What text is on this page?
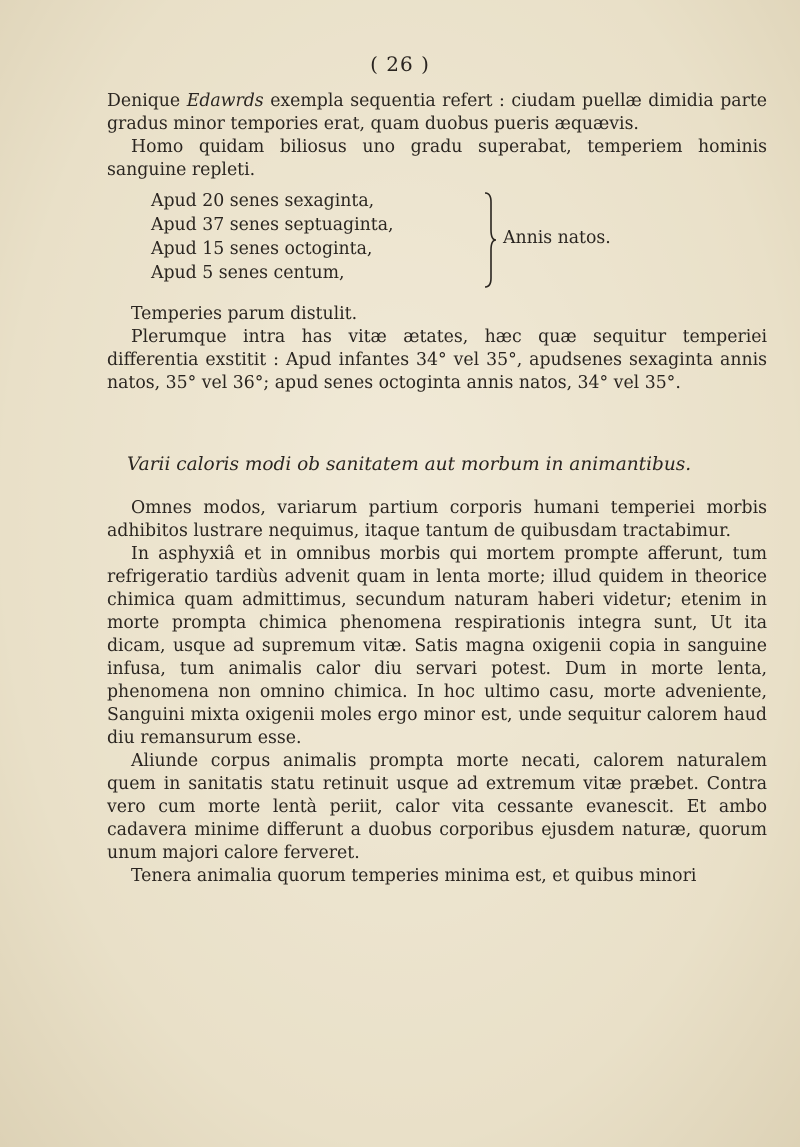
( 26 )

Denique Edawrds exempla sequentia refert : ciudam puellæ dimidia parte gradus minor tempories erat, quam duobus pueris æquævis.

Homo quidam biliosus uno gradu superabat, temperiem hominis sanguine repleti.

Apud 20 senes sexaginta,
Apud 37 senes septuaginta,
Apud 15 senes octoginta,
Apud 5 senes centum,
Annis natos.

Temperies parum distulit.

Plerumque intra has vitæ ætates, hæc quæ sequitur temperiei differentia exstitit : Apud infantes 34° vel 35°, apudsenes sexaginta annis natos, 35° vel 36°; apud senes octoginta annis natos, 34° vel 35°.

Varii caloris modi ob sanitatem aut morbum in animantibus.

Omnes modos, variarum partium corporis humani temperiei morbis adhibitos lustrare nequimus, itaque tantum de quibusdam tractabimur.

In asphyxiâ et in omnibus morbis qui mortem prompte afferunt, tum refrigeratio tardiùs advenit quam in lenta morte; illud quidem in theorice chimica quam admittimus, secundum naturam haberi videtur; etenim in morte prompta chimica phenomena respirationis integra sunt, Ut ita dicam, usque ad supremum vitæ. Satis magna oxigenii copia in sanguine infusa, tum animalis calor diu servari potest. Dum in morte lenta, phenomena non omnino chimica. In hoc ultimo casu, morte adveniente, Sanguini mixta oxigenii moles ergo minor est, unde sequitur calorem haud diu remansurum esse.

Aliunde corpus animalis prompta morte necati, calorem naturalem quem in sanitatis statu retinuit usque ad extremum vitæ præbet. Contra vero cum morte lentà periit, calor vita cessante evanescit. Et ambo cadavera minime differunt a duobus corporibus ejusdem naturæ, quorum unum majori calore ferveret.

Tenera animalia quorum temperies minima est, et quibus minori
